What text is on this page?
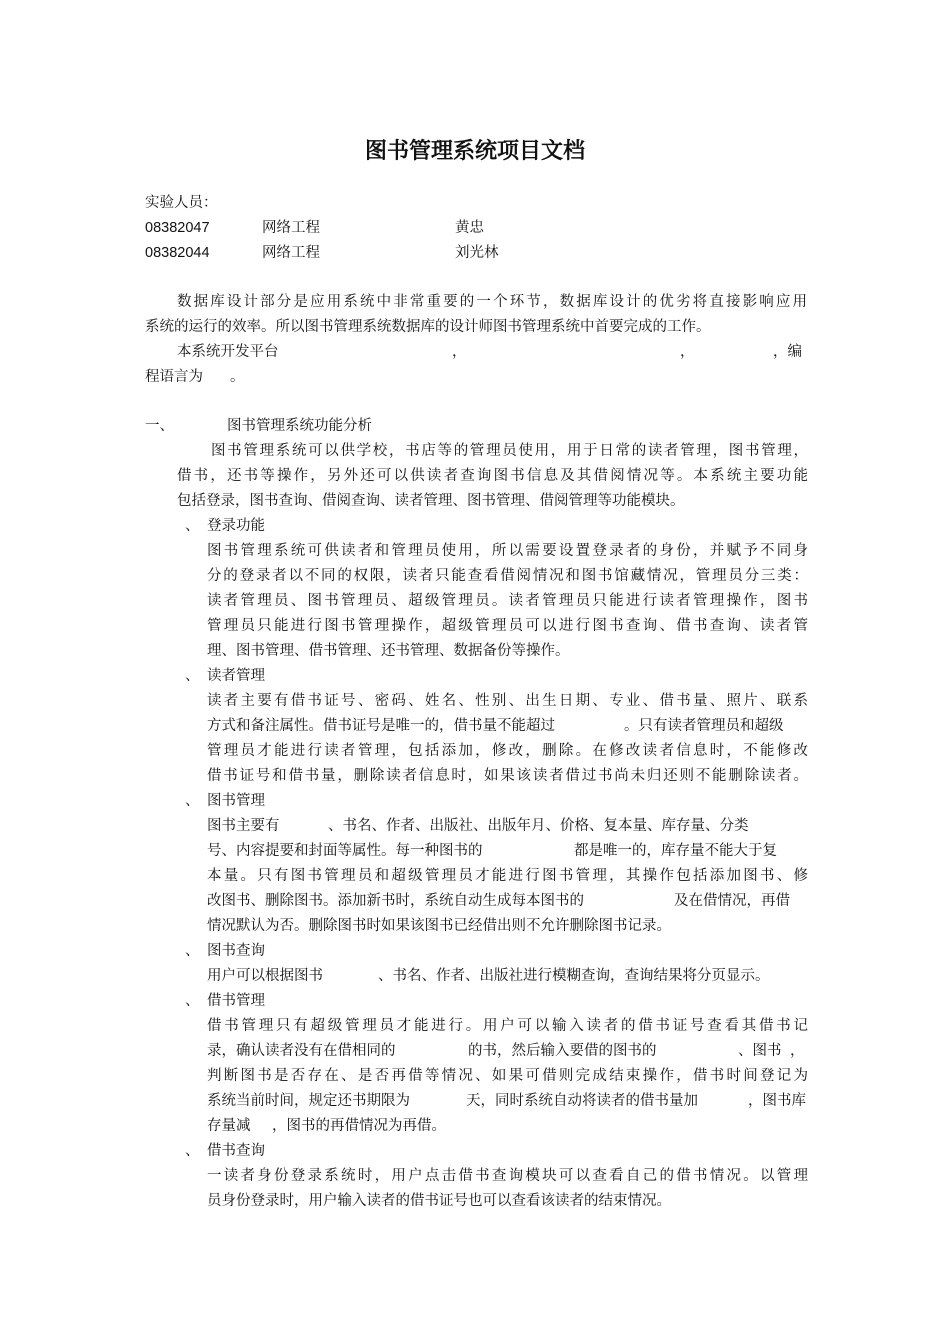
图书管理系统项目文档
实验人员：
08382047	网络工程	黄忠
08382044	网络工程	刘光林
数据库设计部分是应用系统中非常重要的一个环节，数据库设计的优劣将直接影响应用
系统的运行的效率。所以图书管理系统数据库的设计师图书管理系统中首要完成的工作。
本系统开发平台	，	，	，编
程语言为 。
一、	图书管理系统功能分析
图书管理系统可以供学校，书店等的管理员使用，用于日常的读者管理，图书管理，
借书，还书等操作，另外还可以供读者查询图书信息及其借阅情况等。本系统主要功能
包括登录，图书查询、借阅查询、读者管理、图书管理、借阅管理等功能模块。
、 登录功能
图书管理系统可供读者和管理员使用，所以需要设置登录者的身份，并赋予不同身
分的登录者以不同的权限，读者只能查看借阅情况和图书馆藏情况，管理员分三类：
读者管理员、图书管理员、超级管理员。读者管理员只能进行读者管理操作，图书
管理员只能进行图书管理操作，超级管理员可以进行图书查询、借书查询、读者管
理、图书管理、借书管理、还书管理、数据备份等操作。
、 读者管理
读者主要有借书证号、密码、姓名、性别、出生日期、专业、借书量、照片、联系
方式和备注属性。借书证号是唯一的，借书量不能超过	。只有读者管理员和超级
管理员才能进行读者管理，包括添加，修改，删除。在修改读者信息时，不能修改
借书证号和借书量，删除读者信息时，如果该读者借过书尚未归还则不能删除读者。
、 图书管理
图书主要有	、书名、作者、出版社、出版年月、价格、复本量、库存量、分类
号、内容提要和封面等属性。每一种图书的	都是唯一的，库存量不能大于复
本量。只有图书管理员和超级管理员才能进行图书管理，其操作包括添加图书、修
改图书、删除图书。添加新书时，系统自动生成每本图书的	及在借情况，再借
情况默认为否。删除图书时如果该图书已经借出则不允许删除图书记录。
、 图书查询
用户可以根据图书	、书名、作者、出版社进行模糊查询，查询结果将分页显示。
、 借书管理
借书管理只有超级管理员才能进行。用户可以输入读者的借书证号查看其借书记
录，确认读者没有在借相同的	的书，然后输入要借的图书的	、图书 ，
判断图书是否存在、是否再借等情况、如果可借则完成结束操作，借书时间登记为
系统当前时间，规定还书期限为	天，同时系统自动将读者的借书量加	，图书库
存量减 ，图书的再借情况为再借。
、 借书查询
一读者身份登录系统时，用户点击借书查询模块可以查看自己的借书情况。以管理
员身份登录时，用户输入读者的借书证号也可以查看该读者的结束情况。
